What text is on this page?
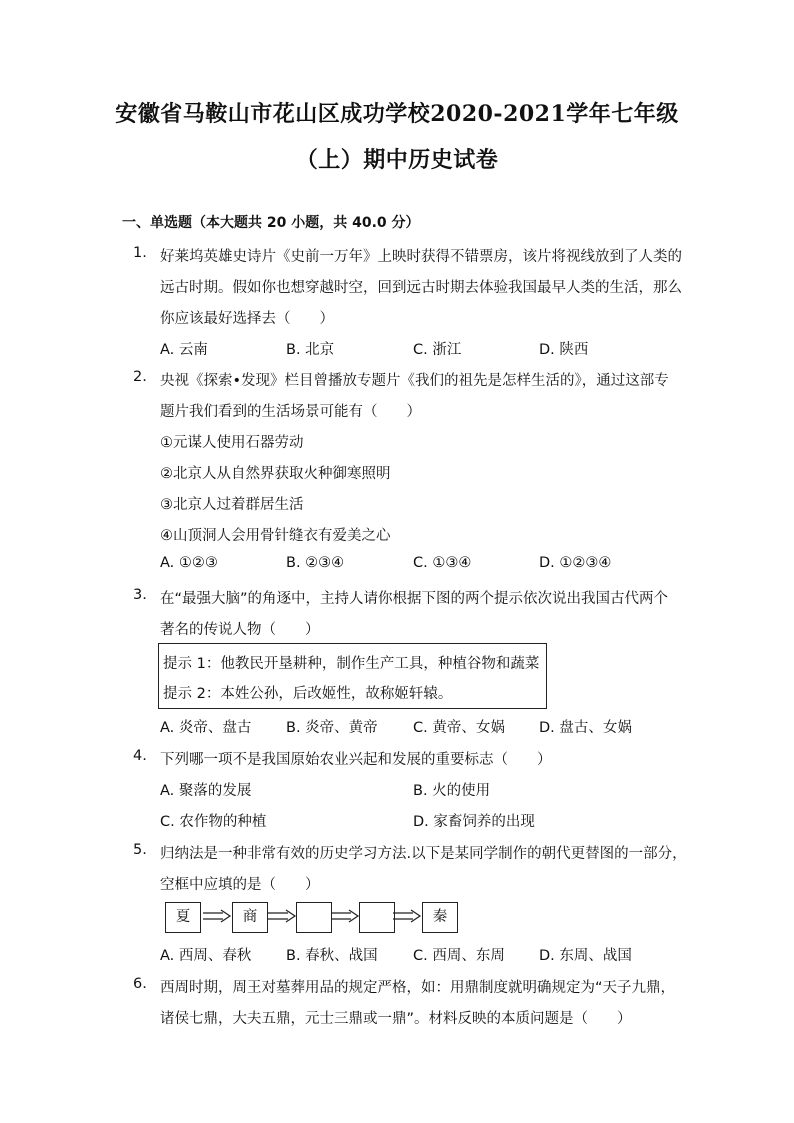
安徽省马鞍山市花山区成功学校2020-2021学年七年级
（上）期中历史试卷
一、单选题（本大题共 20 小题，共 40.0 分）
1. 好莱坞英雄史诗片《史前一万年》上映时获得不错票房，该片将视线放到了人类的
远古时期。假如你也想穿越时空，回到远古时期去体验我国最早人类的生活，那么
你应该最好选择去（　　）
A. 云南	B. 北京	C. 浙江	D. 陕西
2. 央视《探索•发现》栏目曾播放专题片《我们的祖先是怎样生活的》，通过这部专
题片我们看到的生活场景可能有（　　）
①元谋人使用石器劳动
②北京人从自然界获取火种御寒照明
③北京人过着群居生活
④山顶洞人会用骨针缝衣有爱美之心
A. ①②③	B. ②③④	C. ①③④	D. ①②③④
3. 在“最强大脑”的角逐中，主持人请你根据下图的两个提示依次说出我国古代两个
著名的传说人物（　　）
提示 1：他教民开垦耕种，制作生产工具，种植谷物和蔬菜
提示 2：本姓公孙，后改姬性，故称姬轩辕。
A. 炎帝、盘古 B. 炎帝、黄帝 C. 黄帝、女娲 D. 盘古、女娲
4. 下列哪一项不是我国原始农业兴起和发展的重要标志（　　）
A. 聚落的发展	B. 火的使用
C. 农作物的种植	D. 家畜饲养的出现
5. 归纳法是一种非常有效的历史学习方法.以下是某同学制作的朝代更替图的一部分，
空框中应填的是（　　）
夏	商	秦
A. 西周、春秋 B. 春秋、战国 C. 西周、东周 D. 东周、战国
6. 西周时期，周王对墓葬用品的规定严格，如：用鼎制度就明确规定为“天子九鼎，
诸侯七鼎，大夫五鼎，元士三鼎或一鼎”。材料反映的本质问题是（　　）
